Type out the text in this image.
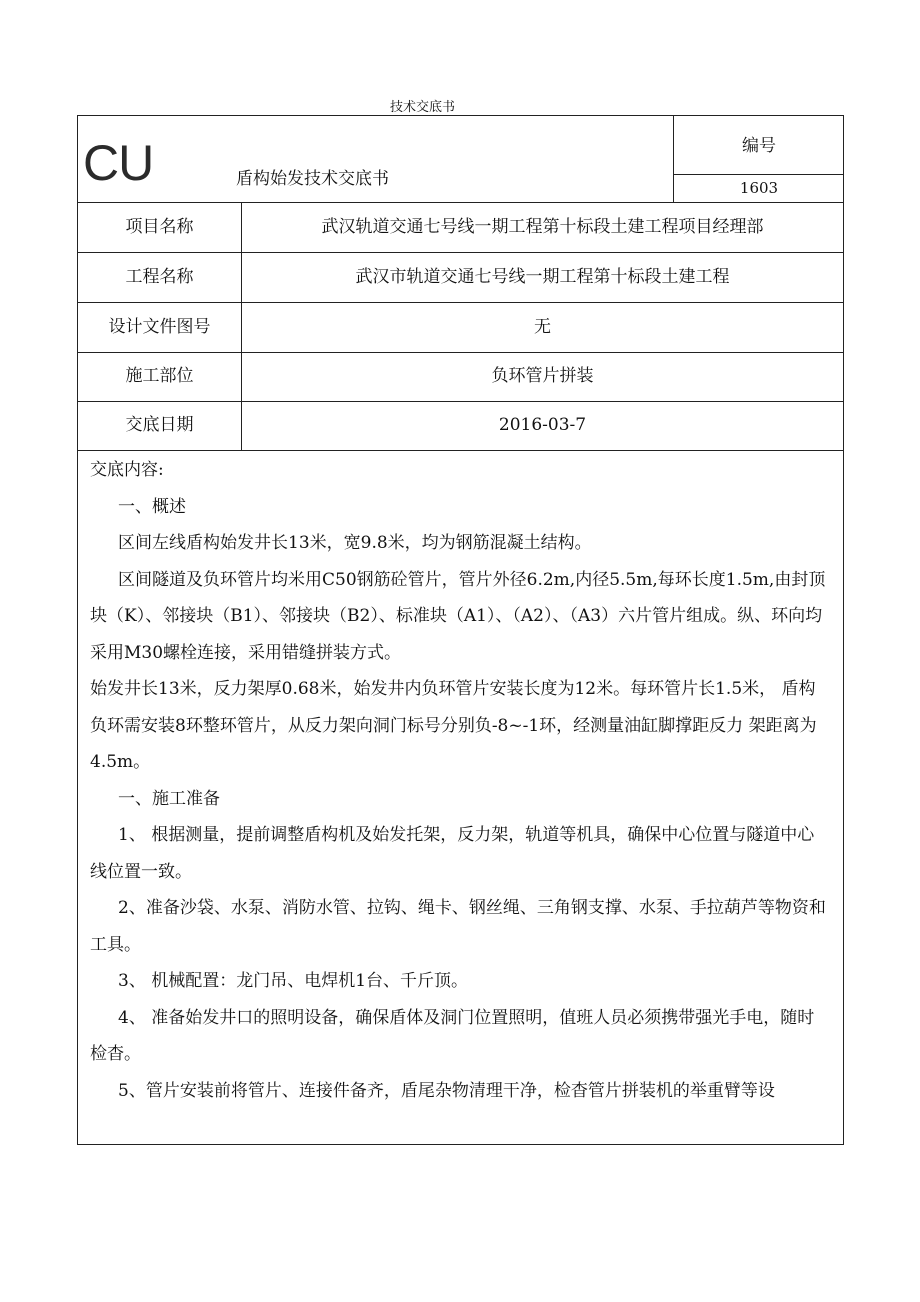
技术交底书
CU	盾构始发技术交底书
编号
1603
项目名称	武汉轨道交通七号线一期工程第十标段土建工程项目经理部
工程名称	武汉市轨道交通七号线一期工程第十标段土建工程
设计文件图号	无
施工部位	负环管片拼装
交底日期	2016-03-7

交底内容:

一、概述

区间左线盾构始发井长13米，宽9.8米，均为钢筋混凝土结构。

区间隧道及负环管片均米用C50钢筋砼管片，管片外径6.2m,内径5.5m,每环长度1.5m,由封顶块（K）、邻接块（B1）、邻接块（B2）、标准块（A1）、（A2）、（A3）六片管片组成。纵、环向均采用M30螺栓连接，采用错缝拼装方式。

始发井长13米，反力架厚0.68米，始发井内负环管片安装长度为12米。每环管片长1.5米， 盾构负环需安装8环整环管片，从反力架向洞门标号分别负-8~-1环，经测量油缸脚撑距反力 架距离为4.5m。

一、施工准备

1、 根据测量，提前调整盾构机及始发托架，反力架，轨道等机具，确保中心位置与隧道中心线位置一致。

2、准备沙袋、水泵、消防水管、拉钩、绳卡、钢丝绳、三角钢支撑、水泵、手拉葫芦等物资和工具。

3、 机械配置：龙门吊、电焊机1台、千斤顶。

4、 准备始发井口的照明设备，确保盾体及洞门位置照明，值班人员必须携带强光手电，随时检杳。

5、管片安装前将管片、连接件备齐，盾尾杂物清理干净，检杳管片拼装机的举重臂等设
